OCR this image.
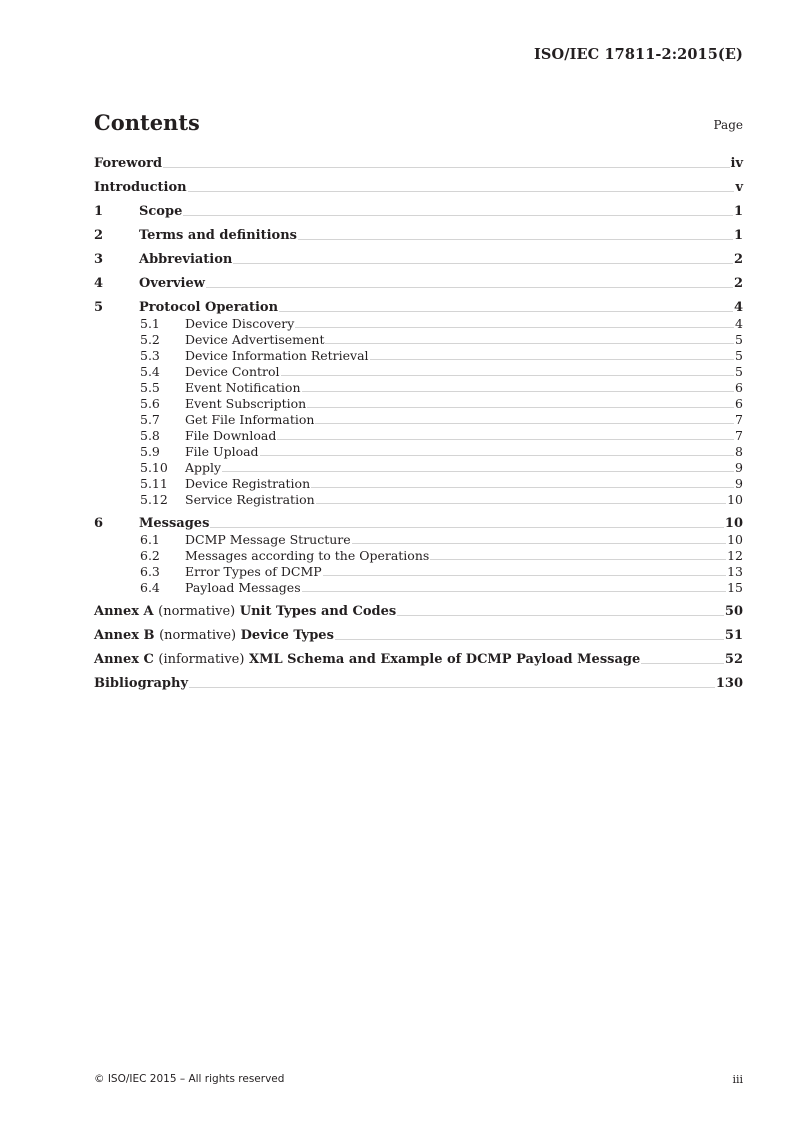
ISO/IEC 17811-2:2015(E)
Contents	Page
Foreword	iv
Introduction	v
1	Scope	1
2	Terms and definitions	1
3	Abbreviation	2
4	Overview	2
5	Protocol Operation	4
5.1	Device Discovery	4
5.2	Device Advertisement	5
5.3	Device Information Retrieval	5
5.4	Device Control	5
5.5	Event Notification	6
5.6	Event Subscription	6
5.7	Get File Information	7
5.8	File Download	7
5.9	File Upload	8
5.10	Apply	9
5.11	Device Registration	9
5.12	Service Registration	10
6	Messages	10
6.1	DCMP Message Structure	10
6.2	Messages according to the Operations	12
6.3	Error Types of DCMP	13
6.4	Payload Messages	15
Annex A (normative) Unit Types and Codes	50
Annex B (normative) Device Types	51
Annex C (informative) XML Schema and Example of DCMP Payload Message	52
Bibliography	130
© ISO/IEC 2015 – All rights reserved	iii
